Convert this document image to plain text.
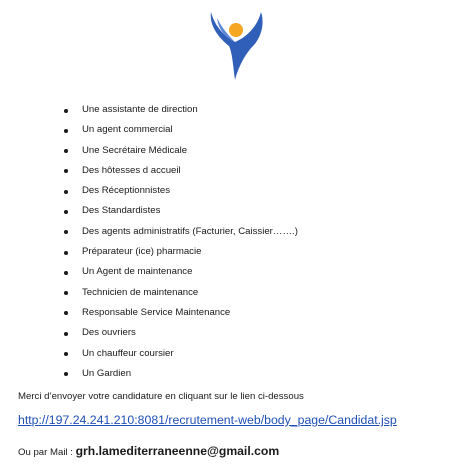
Une assistante de direction
Un agent commercial
Une Secrétaire Médicale
Des hôtesses d accueil
Des Réceptionnistes
Des Standardistes
Des agents administratifs (Facturier, Caissier…….)
Préparateur (ice) pharmacie
Un Agent de maintenance
Technicien de maintenance
Responsable Service Maintenance
Des ouvriers
Un chauffeur coursier
Un Gardien
Merci d’envoyer votre candidature en cliquant sur le lien ci-dessous
http://197.24.241.210:8081/recrutement-web/body_page/Candidat.jsp
Ou par Mail : grh.lamediterraneenne@gmail.com
